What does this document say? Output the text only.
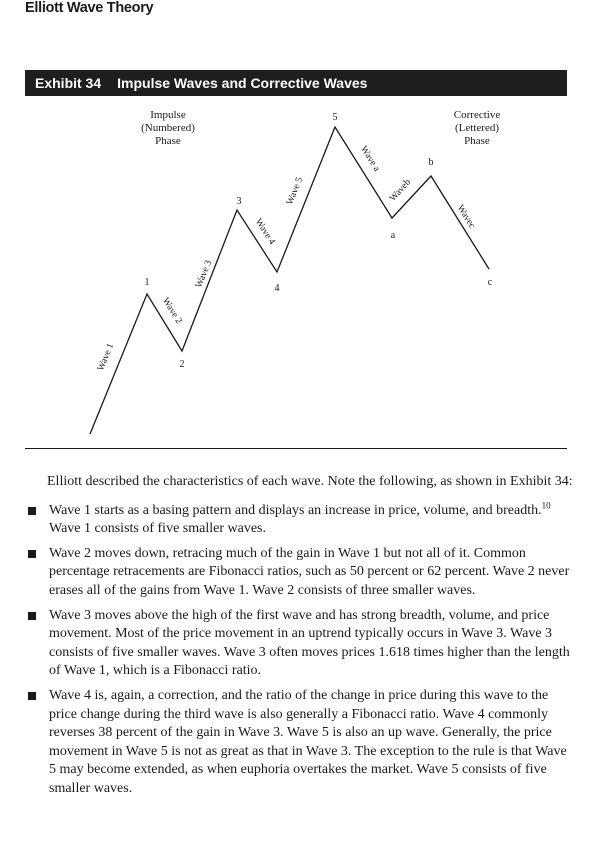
Elliott Wave Theory
Exhibit 34 Impulse Waves and Corrective Waves
Impulse
(Numbered)
Phase
Corrective
(Lettered)
Phase
1
2
3
4
5
a
b
c
Wave 1
Wave 2
Wave 3
Wave 4
Wave 5
Wave a
Waveb
Wavec

Elliott described the characteristics of each wave. Note the following, as shown in Exhibit 34:

Wave 1 starts as a basing pattern and displays an increase in price, volume, and breadth.$^{10}$ Wave 1 consists of five smaller waves.
Wave 2 moves down, retracing much of the gain in Wave 1 but not all of it. Common percentage retracements are Fibonacci ratios, such as 50 percent or 62 percent. Wave 2 never erases all of the gains from Wave 1. Wave 2 consists of three smaller waves.
Wave 3 moves above the high of the first wave and has strong breadth, volume, and price movement. Most of the price movement in an uptrend typically occurs in Wave 3. Wave 3 consists of five smaller waves. Wave 3 often moves prices 1.618 times higher than the length of Wave 1, which is a Fibonacci ratio.
Wave 4 is, again, a correction, and the ratio of the change in price during this wave to the price change during the third wave is also generally a Fibonacci ratio. Wave 4 commonly reverses 38 percent of the gain in Wave 3. Wave 5 is also an up wave. Generally, the price movement in Wave 5 is not as great as that in Wave 3. The exception to the rule is that Wave 5 may become extended, as when euphoria overtakes the market. Wave 5 consists of five smaller waves.
